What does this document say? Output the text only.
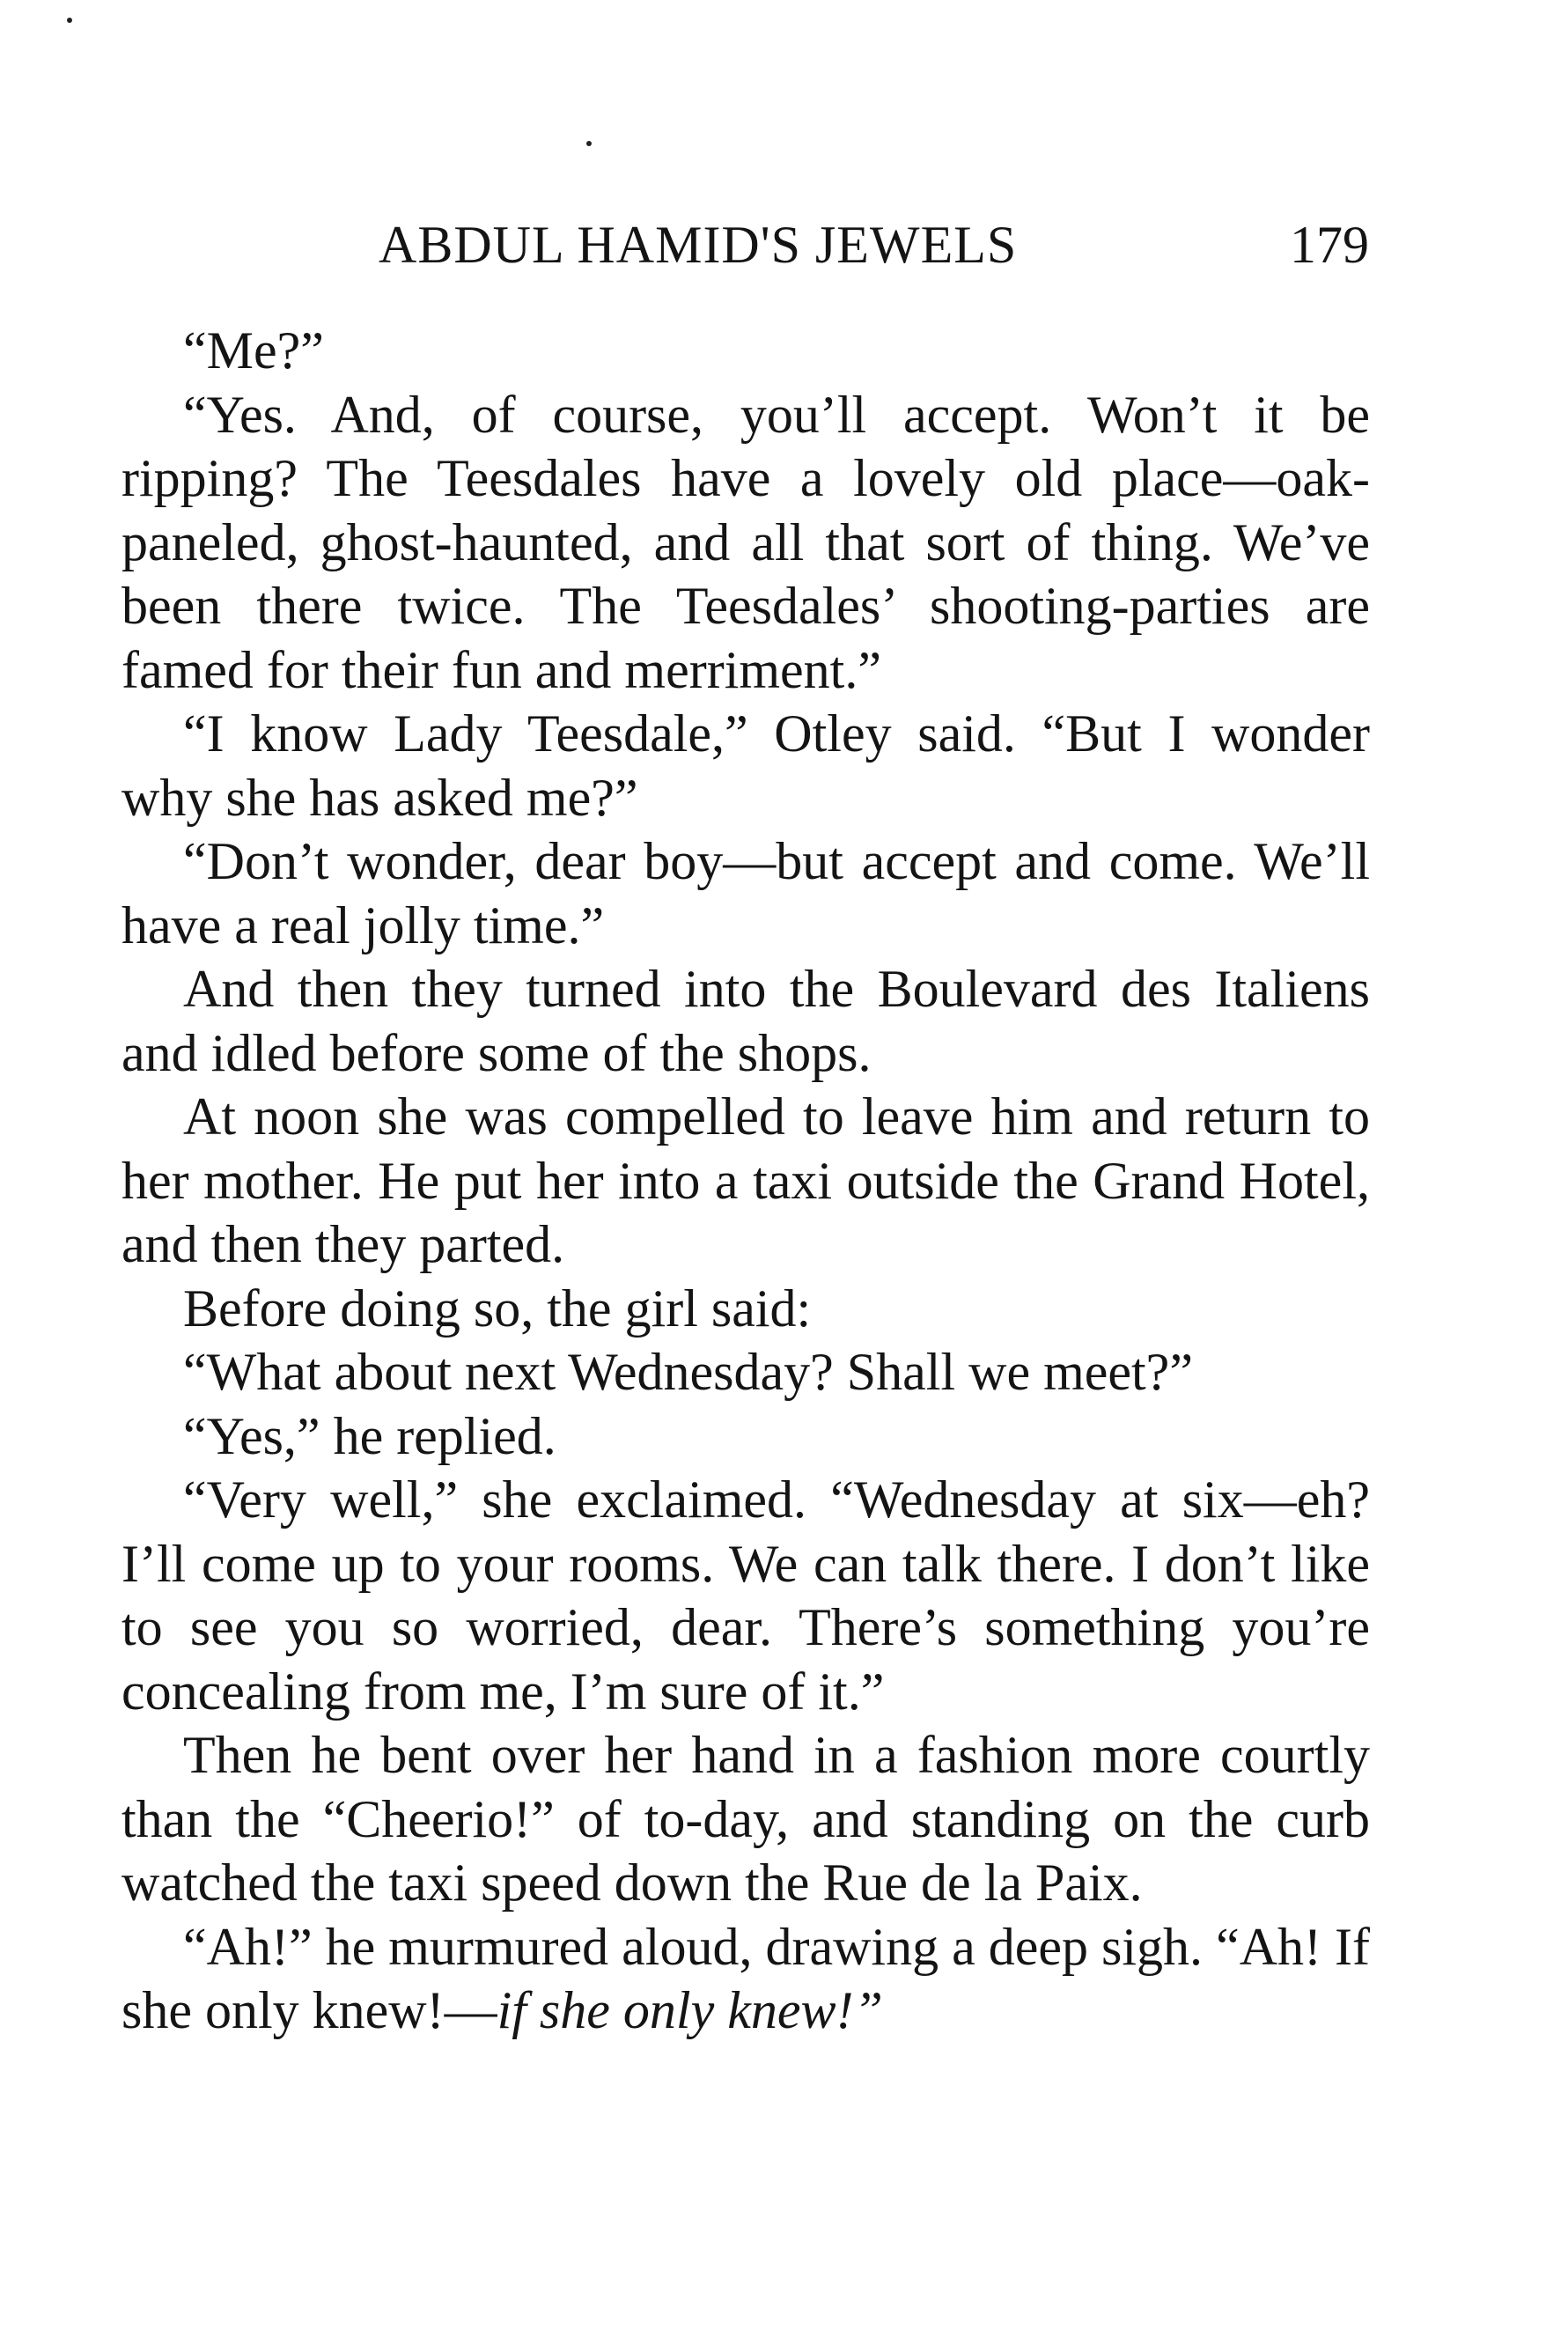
ABDUL HAMID'S JEWELS	179

“Me?”

“Yes. And, of course, you’ll accept. Won’t it be ripping? The Teesdales have a lovely old place—oak-paneled, ghost-haunted, and all that sort of thing. We’ve been there twice. The Teesdales’ shooting-parties are famed for their fun and merriment.”

“I know Lady Teesdale,” Otley said. “But I wonder why she has asked me?”

“Don’t wonder, dear boy—but accept and come. We’ll have a real jolly time.”

And then they turned into the Boulevard des Italiens and idled before some of the shops.

At noon she was compelled to leave him and return to her mother. He put her into a taxi outside the Grand Hotel, and then they parted.

Before doing so, the girl said:

“What about next Wednesday? Shall we meet?”

“Yes,” he replied.

“Very well,” she exclaimed. “Wednesday at six—eh? I’ll come up to your rooms. We can talk there. I don’t like to see you so worried, dear. There’s something you’re concealing from me, I’m sure of it.”

Then he bent over her hand in a fashion more courtly than the “Cheerio!” of to-day, and standing on the curb watched the taxi speed down the Rue de la Paix.

“Ah!” he murmured aloud, drawing a deep sigh. “Ah! If she only knew!—if she only knew!”
